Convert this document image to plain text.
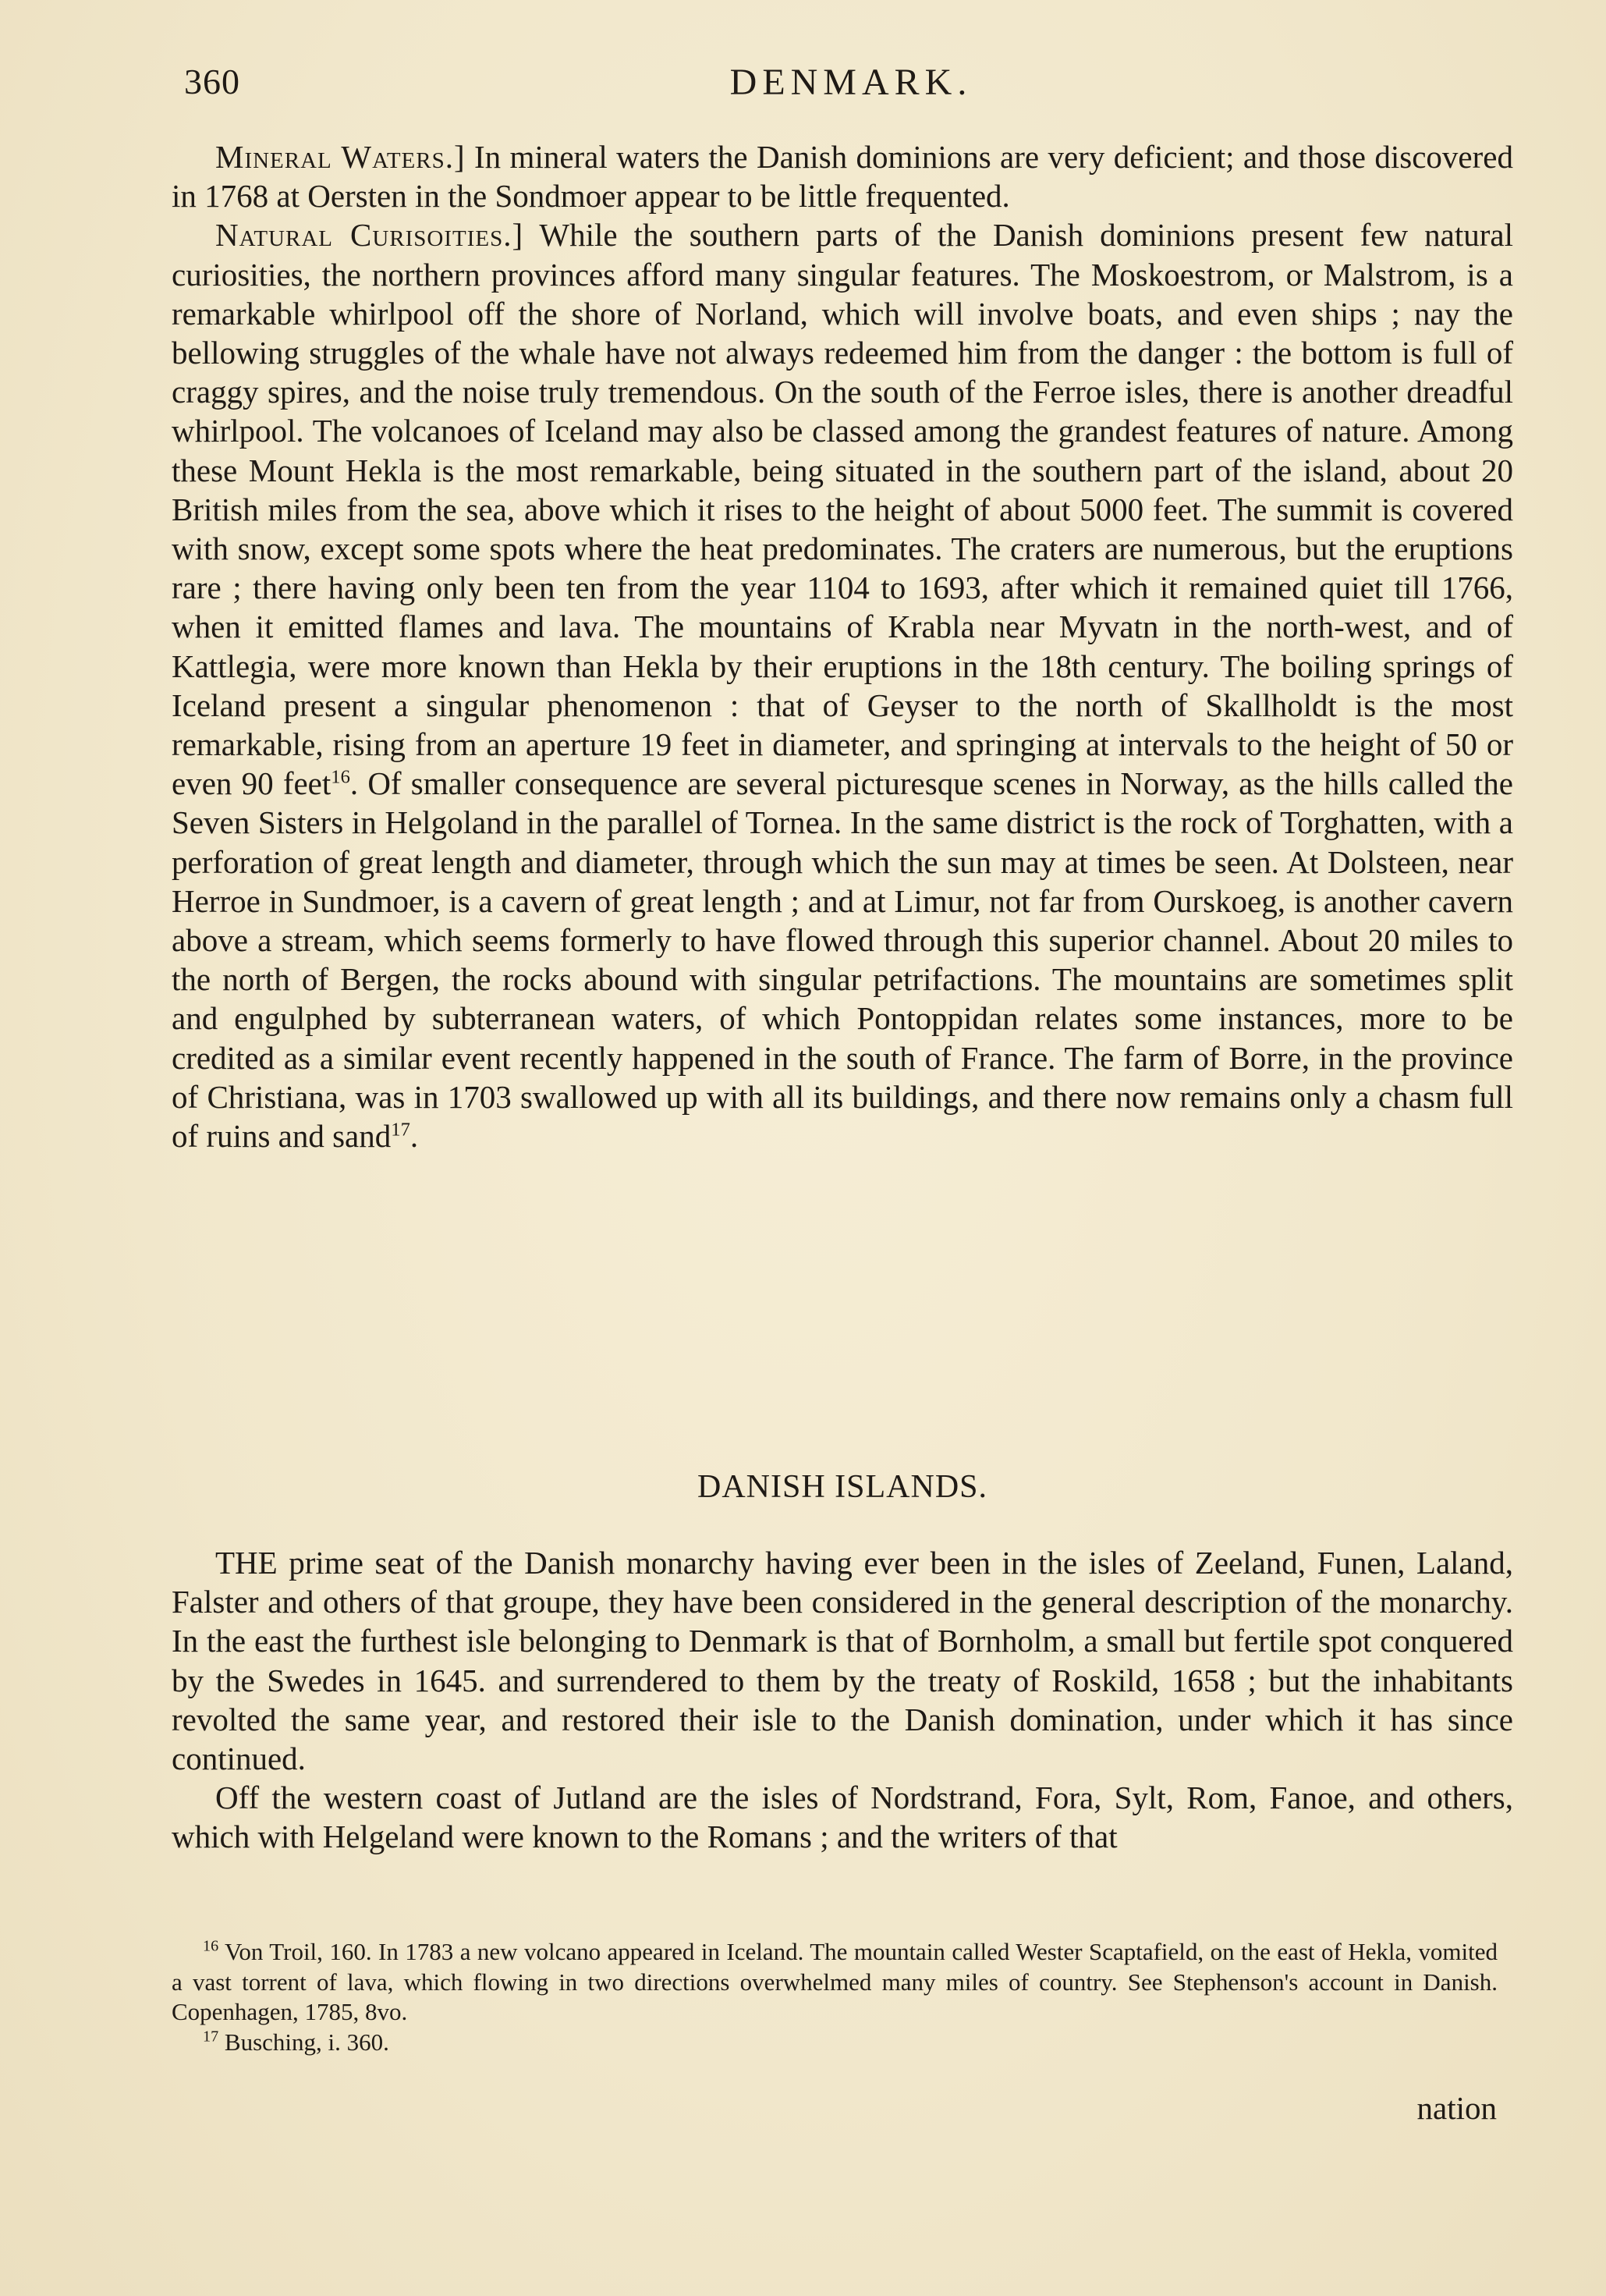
360	DENMARK.

Mineral Waters.] In mineral waters the Danish dominions are very deficient; and those discovered in 1768 at Oersten in the Sondmoer appear to be little frequented.

Natural Curisoities.] While the southern parts of the Danish dominions present few natural curiosities, the northern provinces afford many singular features. The Moskoestrom, or Malstrom, is a remarkable whirlpool off the shore of Norland, which will involve boats, and even ships ; nay the bellowing struggles of the whale have not always redeemed him from the danger : the bottom is full of craggy spires, and the noise truly tremendous. On the south of the Ferroe isles, there is another dreadful whirlpool. The volcanoes of Iceland may also be classed among the grandest features of nature. Among these Mount Hekla is the most remarkable, being situated in the southern part of the island, about 20 British miles from the sea, above which it rises to the height of about 5000 feet. The summit is covered with snow, except some spots where the heat predominates. The craters are numerous, but the eruptions rare ; there having only been ten from the year 1104 to 1693, after which it remained quiet till 1766, when it emitted flames and lava. The mountains of Krabla near Myvatn in the north-west, and of Kattlegia, were more known than Hekla by their eruptions in the 18th century. The boiling springs of Iceland present a singular phenomenon : that of Geyser to the north of Skallholdt is the most remarkable, rising from an aperture 19 feet in diameter, and springing at intervals to the height of 50 or even 90 feet$^{16}$. Of smaller consequence are several picturesque scenes in Norway, as the hills called the Seven Sisters in Helgoland in the parallel of Tornea. In the same district is the rock of Torghatten, with a perforation of great length and diameter, through which the sun may at times be seen. At Dolsteen, near Herroe in Sundmoer, is a cavern of great length ; and at Limur, not far from Ourskoeg, is another cavern above a stream, which seems formerly to have flowed through this superior channel. About 20 miles to the north of Bergen, the rocks abound with singular petrifactions. The mountains are sometimes split and engulphed by subterranean waters, of which Pontoppidan relates some instances, more to be credited as a similar event recently happened in the south of France. The farm of Borre, in the province of Christiana, was in 1703 swallowed up with all its buildings, and there now remains only a chasm full of ruins and sand$^{17}$.

DANISH ISLANDS.

THE prime seat of the Danish monarchy having ever been in the isles of Zeeland, Funen, Laland, Falster and others of that groupe, they have been considered in the general description of the monarchy. In the east the furthest isle belonging to Denmark is that of Bornholm, a small but fertile spot conquered by the Swedes in 1645. and surrendered to them by the treaty of Roskild, 1658 ; but the inhabitants revolted the same year, and restored their isle to the Danish domination, under which it has since continued.

Off the western coast of Jutland are the isles of Nordstrand, Fora, Sylt, Rom, Fanoe, and others, which with Helgeland were known to the Romans ; and the writers of that

$^{16}$ Von Troil, 160. In 1783 a new volcano appeared in Iceland. The mountain called Wester Scaptafield, on the east of Hekla, vomited a vast torrent of lava, which flowing in two directions overwhelmed many miles of country. See Stephenson's account in Danish. Copenhagen, 1785, 8vo.

$^{17}$ Busching, i. 360.

nation
